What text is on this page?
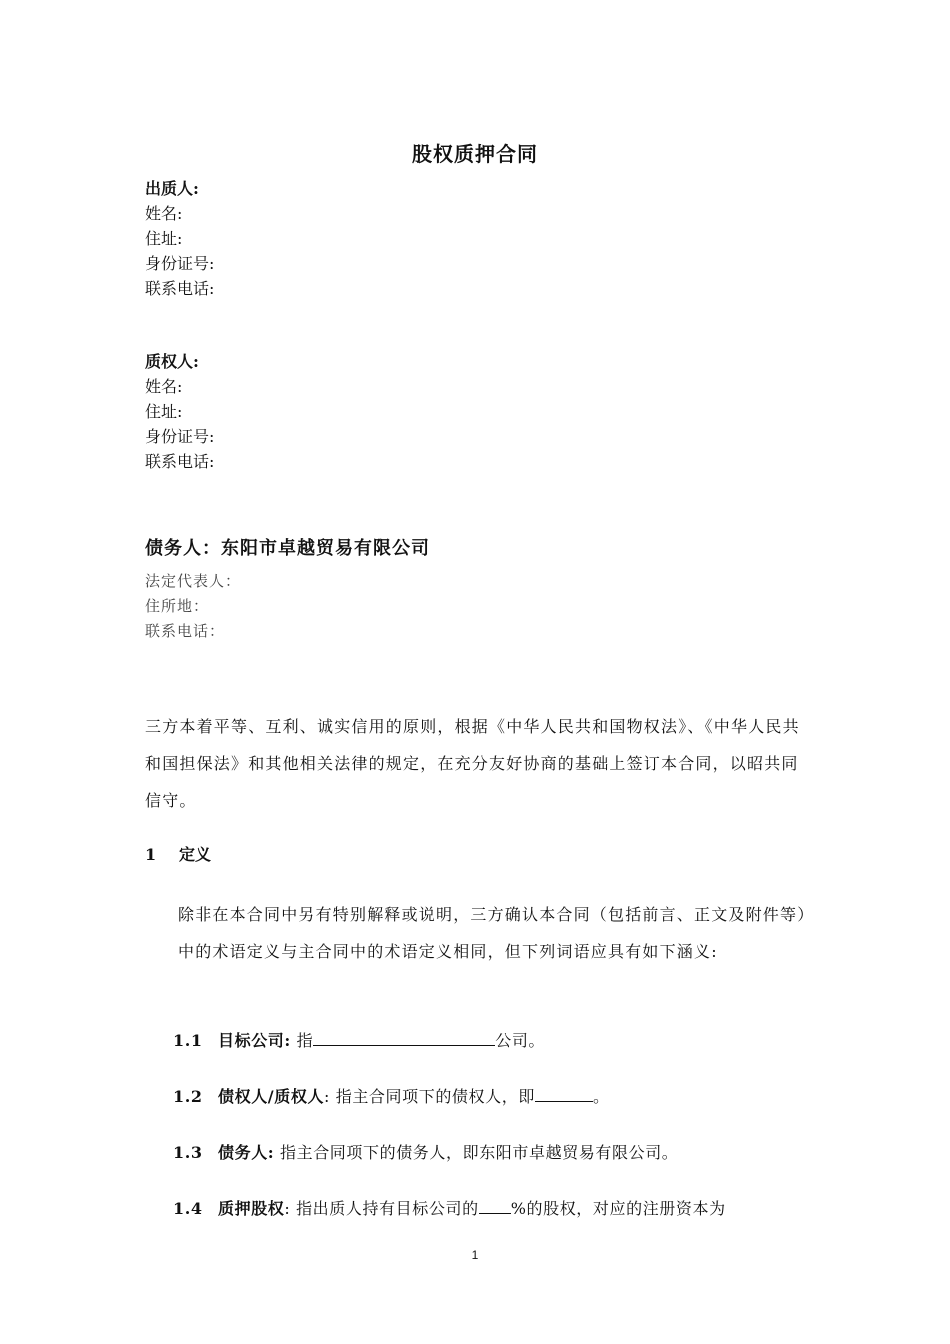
股权质押合同
出质人:
姓名:
住址:
身份证号:
联系电话:
质权人:
姓名:
住址:
身份证号:
联系电话:
债务人：东阳市卓越贸易有限公司
法定代表人：
住所地：
联系电话：
三方本着平等、互利、诚实信用的原则，根据《中华人民共和国物权法》、《中华人民共和国担保法》和其他相关法律的规定，在充分友好协商的基础上签订本合同，以昭共同信守。
1 定义
除非在本合同中另有特别解释或说明，三方确认本合同（包括前言、正文及附件等）中的术语定义与主合同中的术语定义相同，但下列词语应具有如下涵义:
1.1 目标公司: 指	公司。
1.2 债权人/质权人: 指主合同项下的债权人，即	。
1.3 债务人: 指主合同项下的债务人，即东阳市卓越贸易有限公司。
1.4 质押股权: 指出质人持有目标公司的 %的股权，对应的注册资本为
1
